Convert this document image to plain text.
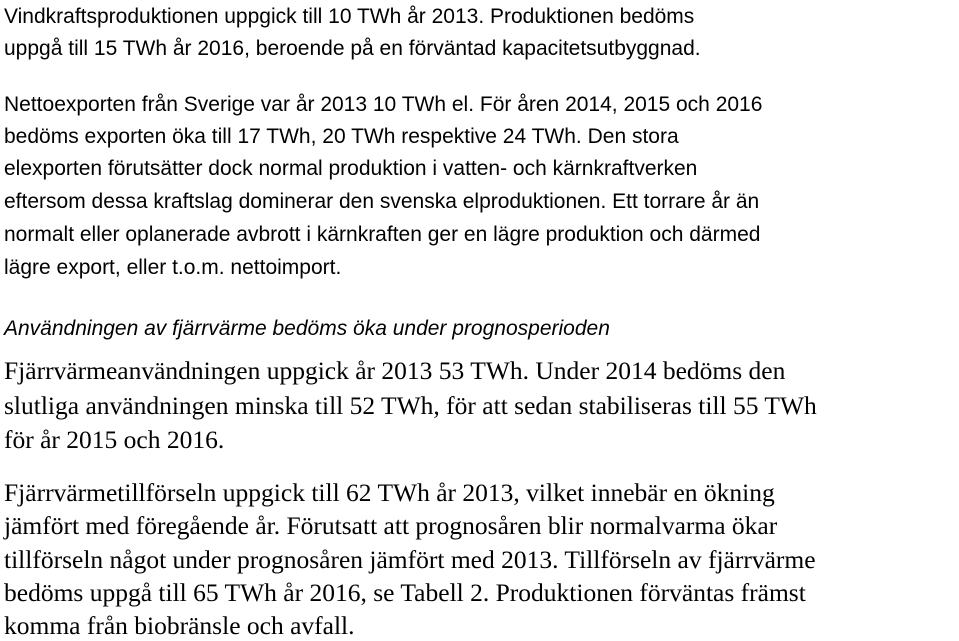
Vindkraftsproduktionen uppgick till 10 TWh år 2013. Produktionen bedöms

uppgå till 15 TWh år 2016, beroende på en förväntad kapacitetsutbyggnad.

Nettoexporten från Sverige var år 2013 10 TWh el. För åren 2014, 2015 och 2016

bedöms exporten öka till 17 TWh, 20 TWh respektive 24 TWh. Den stora

elexporten förutsätter dock normal produktion i vatten- och kärnkraftverken

eftersom dessa kraftslag dominerar den svenska elproduktionen. Ett torrare år än

normalt eller oplanerade avbrott i kärnkraften ger en lägre produktion och därmed

lägre export, eller t.o.m. nettoimport.

Användningen av fjärrvärme bedöms öka under prognosperioden

Fjärrvärmeanvändningen uppgick år 2013 53 TWh. Under 2014 bedöms den

slutliga användningen minska till 52 TWh, för att sedan stabiliseras till 55 TWh

för år 2015 och 2016.

Fjärrvärmetillförseln uppgick till 62 TWh år 2013, vilket innebär en ökning

jämfört med föregående år. Förutsatt att prognosåren blir normalvarma ökar

tillförseln något under prognosåren jämfört med 2013. Tillförseln av fjärrvärme

bedöms uppgå till 65 TWh år 2016, se Tabell 2. Produktionen förväntas främst

komma från biobränsle och avfall.
